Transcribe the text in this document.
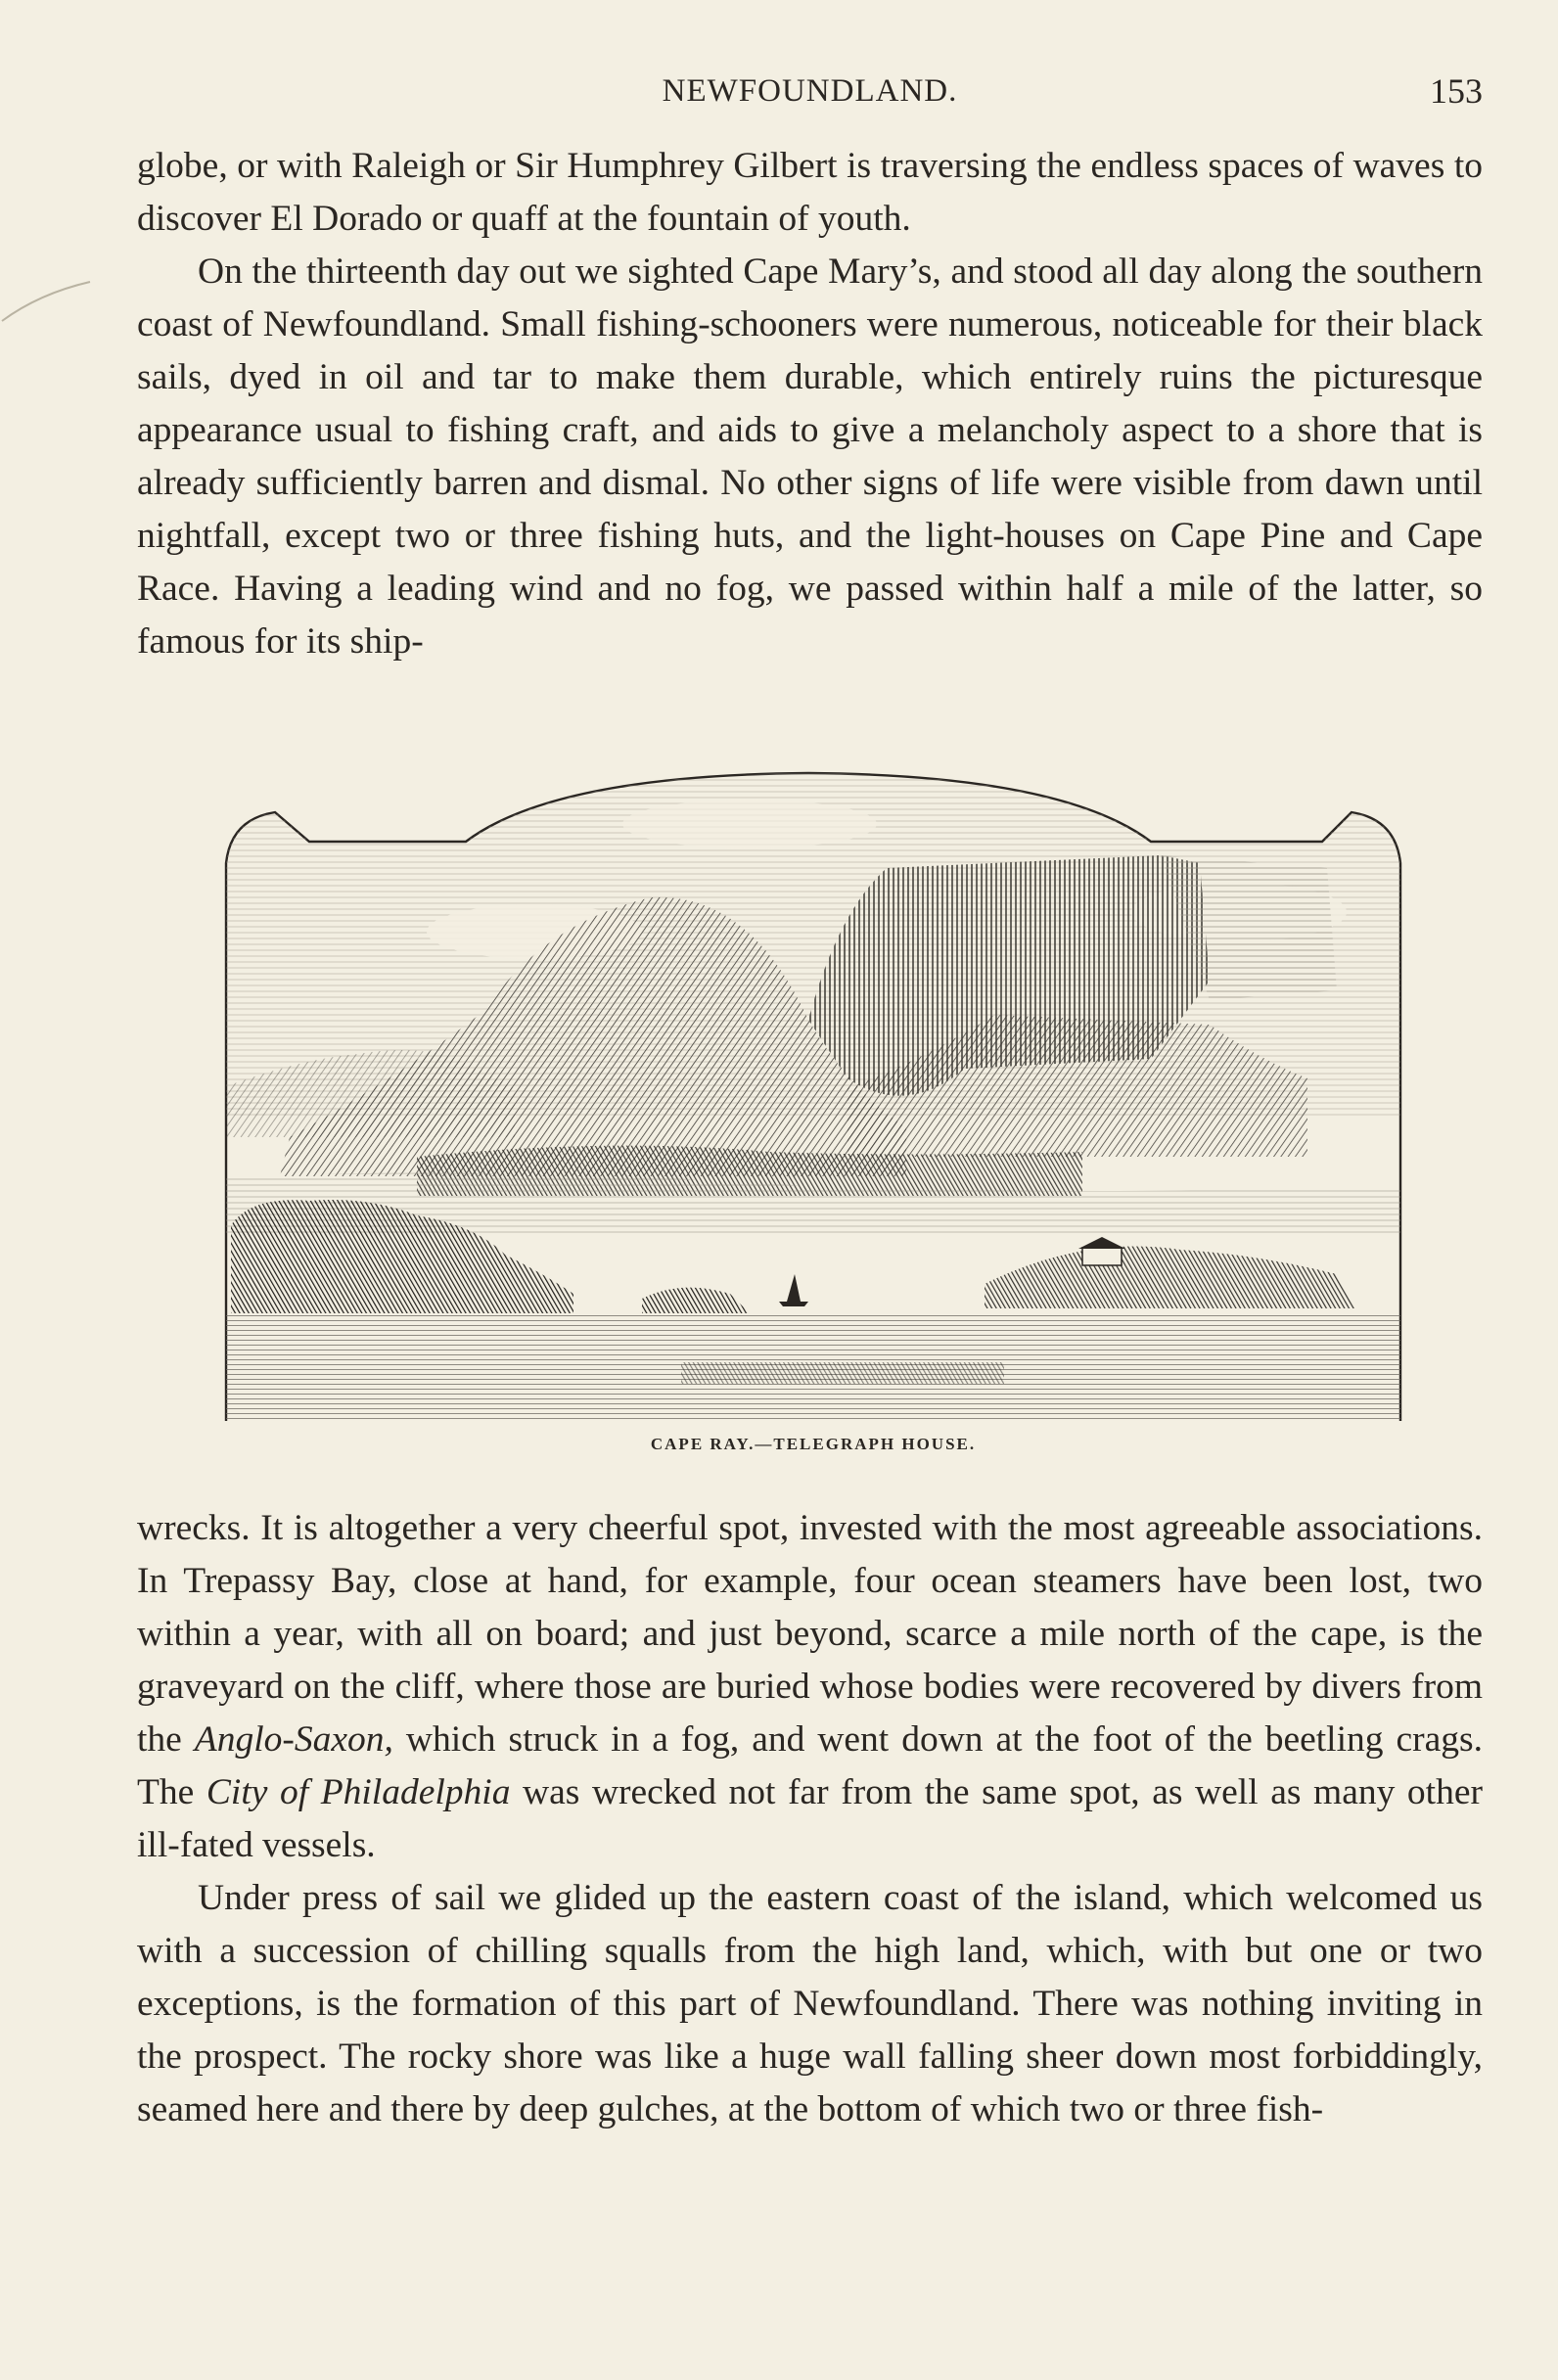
NEWFOUNDLAND.	153

globe, or with Raleigh or Sir Humphrey Gilbert is traversing the endless spaces of waves to discover El Dorado or quaff at the fountain of youth.

On the thirteenth day out we sighted Cape Mary’s, and stood all day along the southern coast of Newfoundland. Small fishing-schooners were numerous, noticeable for their black sails, dyed in oil and tar to make them durable, which entirely ruins the picturesque appearance usual to fishing craft, and aids to give a melancholy aspect to a shore that is already sufficiently barren and dismal. No other signs of life were visible from dawn until nightfall, except two or three fishing huts, and the light-houses on Cape Pine and Cape Race. Having a leading wind and no fog, we passed within half a mile of the latter, so famous for its ship-

CAPE RAY.—TELEGRAPH HOUSE.

wrecks. It is altogether a very cheerful spot, invested with the most agreeable associations. In Trepassy Bay, close at hand, for example, four ocean steamers have been lost, two within a year, with all on board; and just beyond, scarce a mile north of the cape, is the graveyard on the cliff, where those are buried whose bodies were recovered by divers from the Anglo-Saxon, which struck in a fog, and went down at the foot of the beetling crags. The City of Philadelphia was wrecked not far from the same spot, as well as many other ill-fated vessels.

Under press of sail we glided up the eastern coast of the island, which welcomed us with a succession of chilling squalls from the high land, which, with but one or two exceptions, is the formation of this part of Newfoundland. There was nothing inviting in the prospect. The rocky shore was like a huge wall falling sheer down most forbiddingly, seamed here and there by deep gulches, at the bottom of which two or three fish-
